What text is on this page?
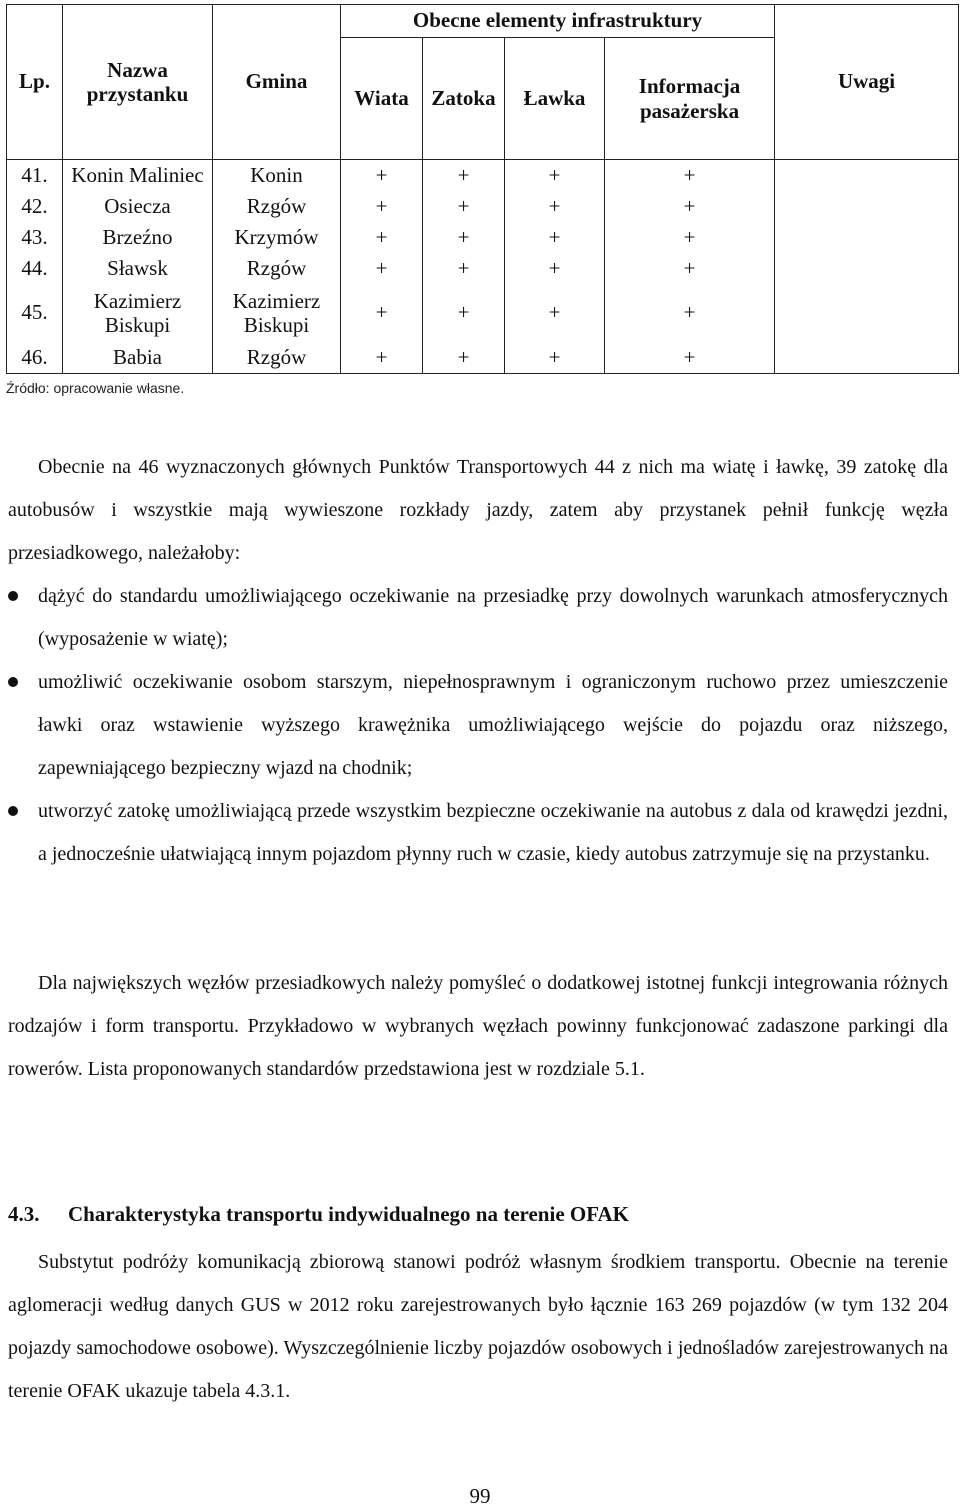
Lp.	Nazwa przystanku	Gmina	Obecne elementy infrastruktury				Uwagi
			Wiata	Zatoka	Ławka	Informacja pasażerska	
41.	Konin Maliniec	Konin	+	+	+	+	
42.	Osiecza	Rzgów	+	+	+	+	
43.	Brzeźno	Krzymów	+	+	+	+	
44.	Sławsk	Rzgów	+	+	+	+	
45.	Kazimierz Biskupi	Kazimierz Biskupi	+	+	+	+	
46.	Babia	Rzgów	+	+	+	+	
Źródło: opracowanie własne.
Obecnie na 46 wyznaczonych głównych Punktów Transportowych 44 z nich ma wiatę i ławkę, 39 zatokę dla autobusów i wszystkie mają wywieszone rozkłady jazdy, zatem aby przystanek pełnił funkcję węzła przesiadkowego, należałoby:
dążyć do standardu umożliwiającego oczekiwanie na przesiadkę przy dowolnych warunkach atmosferycznych (wyposażenie w wiatę);
umożliwić oczekiwanie osobom starszym, niepełnosprawnym i ograniczonym ruchowo przez umieszczenie ławki oraz wstawienie wyższego krawężnika umożliwiającego wejście do pojazdu oraz niższego, zapewniającego bezpieczny wjazd na chodnik;
utworzyć zatokę umożliwiającą przede wszystkim bezpieczne oczekiwanie na autobus z dala od krawędzi jezdni, a jednocześnie ułatwiającą innym pojazdom płynny ruch w czasie, kiedy autobus zatrzymuje się na przystanku.
Dla największych węzłów przesiadkowych należy pomyśleć o dodatkowej istotnej funkcji integrowania różnych rodzajów i form transportu. Przykładowo w wybranych węzłach powinny funkcjonować zadaszone parkingi dla rowerów. Lista proponowanych standardów przedstawiona jest w rozdziale 5.1.
4.3. Charakterystyka transportu indywidualnego na terenie OFAK
Substytut podróży komunikacją zbiorową stanowi podróż własnym środkiem transportu. Obecnie na terenie aglomeracji według danych GUS w 2012 roku zarejestrowanych było łącznie 163 269 pojazdów (w tym 132 204 pojazdy samochodowe osobowe). Wyszczególnienie liczby pojazdów osobowych i jednośladów zarejestrowanych na terenie OFAK ukazuje tabela 4.3.1.
99
